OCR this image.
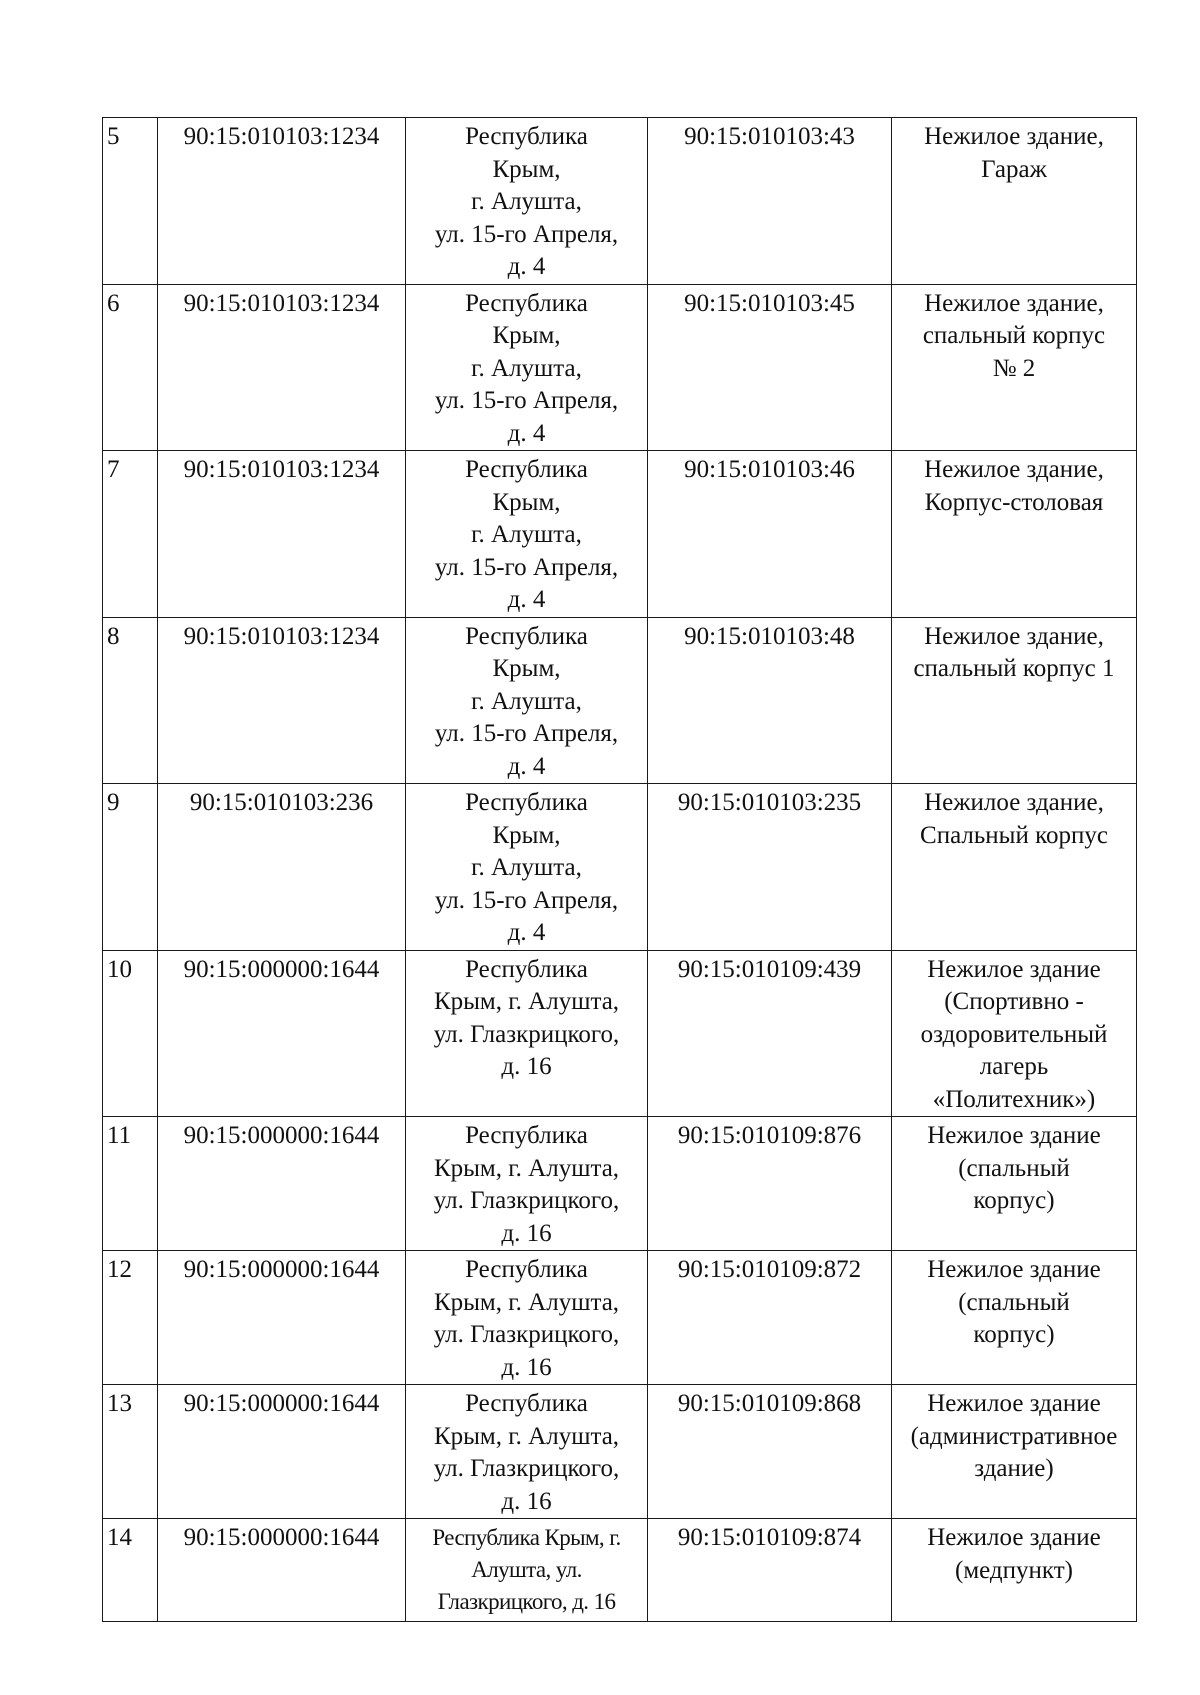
5	90:15:010103:1234	Республика
Крым,
г. Алушта,
ул. 15-го Апреля,
д. 4	90:15:010103:43	Нежилое здание,
Гараж

6	90:15:010103:1234	Республика
Крым,
г. Алушта,
ул. 15-го Апреля,
д. 4	90:15:010103:45	Нежилое здание,
спальный корпус
№ 2

7	90:15:010103:1234	Республика
Крым,
г. Алушта,
ул. 15-го Апреля,
д. 4	90:15:010103:46	Нежилое здание,
Корпус-столовая

8	90:15:010103:1234	Республика
Крым,
г. Алушта,
ул. 15-го Апреля,
д. 4	90:15:010103:48	Нежилое здание,
спальный корпус 1

9	90:15:010103:236	Республика
Крым,
г. Алушта,
ул. 15-го Апреля,
д. 4	90:15:010103:235	Нежилое здание,
Спальный корпус

10	90:15:000000:1644	Республика
Крым, г. Алушта,
ул. Глазкрицкого,
д. 16	90:15:010109:439	Нежилое здание
(Спортивно -
оздоровительный
лагерь
«Политехник»)

11	90:15:000000:1644	Республика
Крым, г. Алушта,
ул. Глазкрицкого,
д. 16	90:15:010109:876	Нежилое здание
(спальный
корпус)

12	90:15:000000:1644	Республика
Крым, г. Алушта,
ул. Глазкрицкого,
д. 16	90:15:010109:872	Нежилое здание
(спальный
корпус)

13	90:15:000000:1644	Республика
Крым, г. Алушта,
ул. Глазкрицкого,
д. 16	90:15:010109:868	Нежилое здание
(административное
здание)

14	90:15:000000:1644	Республика Крым, г.
Алушта, ул.
Глазкрицкого, д. 16	90:15:010109:874	Нежилое здание
(медпункт)
